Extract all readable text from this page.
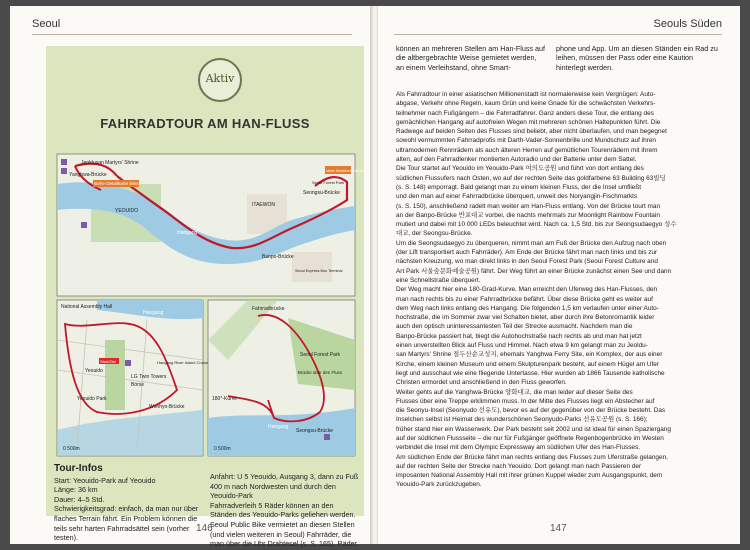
Seoul
Aktiv
FAHRRADTOUR AM HAN-FLUSS
siehe Detailkarte rechts
siehe Detailkarte links
Jeoldusan Martyrs' Shrine
Yanghwa-Brücke
YEOUIDO
ITAEWON
Hangang
Banpo-Brücke
Seongsu-Brücke
Seoul Forest Park
Seoul Express Bus Terminal
Start/Ziel
National Assembly Hall
LG Twin Towers
Börse
Hangang River Island Cruise
Wonhyo-Brücke
Hangang
Yeouido Park
Yeouido
0 500m
Fahrradbrücke
Seoul Forest Park
Brücke über den Fluss
180°-Kurve
Seongsu-Brücke
Hangang
0 500m
Tour-Infos
Start: Yeouido-Park auf Yeouido
Länge: 36 km
Dauer: 4–5 Std.
Schwierigkeitsgrad: einfach, da man nur über flaches Terrain fährt. Ein Problem können die teils sehr harten Fahrradsättel sein (vorher testen).
Anfahrt: U 5 Yeouido, Ausgang 3, dann zu Fuß 400 m nach Nordwesten und durch den Yeouido-Park
Fahrradverleih 5 Räder können an den Ständen des Yeouido-Parks geliehen werden. Seoul Public Bike vermietet an diesen Stellen (und vielen weiteren in Seoul) Fahrräder, die man über die Uhr Drahtesel (s. S. 165). Räder
146
Seouls Süden
können an mehreren Stellen am Han-Fluss auf die altbergebrachte Weise gemietet werden, an einem Verleihstand, ohne Smart-
phone und App. Um an diesen Ständen ein Rad zu leihen, müssen der Pass oder eine Kaution hinterlegt werden.
Als Fahrradtour in einer asiatischen Millionenstadt ist normalerweise kein Vergnügen: Auto-
abgase, Verkehr ohne Regeln, kaum Grün und keine Gnade für die schwächsten Verkehrs-
teilnehmer nach Fußgängern – die Fahrradfahrer. Ganz anders diese Tour, die entlang des
gemächlichen Hangang auf autofreien Wegen mit mehreren schönen Haltepunkten führt. Die
Radwege auf beiden Seiten des Flusses sind beliebt, aber nicht überlaufen, und man begegnet
sowohl vermummten Fahrradprofis mit Darth-Vader-Sonnenbrille und Mundschutz auf ihren
ultramodernen Rennrädern als auch älteren Herren auf gemütlichen Tourenrädern mit ihrem
alten, auf den Fahrradlenker montierten Autoradio und der Batterie unter dem Sattel.
Die Tour startet auf Yeouido im Yeouido-Park 여의도공원 und führt von dort entlang des
südlichen Flussufers nach Osten, wo auf der rechten Seite das goldfarbene 63 Building 63빌딩
(s. S. 148) emporragt. Bald gelangt man zu einem kleinen Fluss, der die Insel umfließt
und den man auf einer Fahrradbrücke überquert, unweit des Noryangjin-Fischmarkts
(s. S. 150), anschließend radelt man weiter am Han-Fluss entlang. Von der Brücke tourt man
an der Banpo-Brücke 반포대교 vorbei, die nachts mehrmals zur Moonlight Rainbow Fountain
mutiert und dabei mit 10 000 LEDs beleuchtet wird. Nach ca. 1,5 Std. bis zur Seongsudaegyo 성수
대교, der Seongsu-Brücke.
Um die Seongsudaegyo zu überqueren, nimmt man am Fuß der Brücke den Aufzug nach oben
(der Lift transportiert auch Fahrräder). Am Ende der Brücke fährt man nach links und bis zur
nächsten Kreuzung, wo man direkt links in den Seoul Forest Park (Seoul Forest Culture and
Art Park 서울숲문화예술공원) fährt. Der Weg führt an einer Brücke zunächst einen See und dann
eine Schnellstraße überquert.
Der Weg macht hier eine 180-Grad-Kurve. Man erreicht den Uferweg des Han-Flusses, den
man nach rechts bis zu einer Fahrradbrücke befährt. Über diese Brücke geht es weiter auf
dem Weg nach links entlang des Hangang. Die folgenden 1,5 km verlaufen unter einer Auto-
hochstraße, die im Sommer zwar viel Schatten bietet, aber durch ihre Betonromantik leider
auch den optisch uninteressantesten Teil der Strecke ausmacht. Nachdem man die
Banpo-Brücke passiert hat, biegt die Autohochstraße nach rechts ab und man hat jetzt
einen unverstellten Blick auf Fluss und Himmel. Nach etwa 9 km gelangt man zu Jeoldu-
san Martyrs' Shrine 절두산순교성지, ehemals Yanghwa Ferry Site, ein Komplex, der aus einer
Kirche, einem kleinen Museum und einem Skulpturenpark besteht, auf einem Hügel am Ufer
liegt und ausschaut wie eine fliegende Untertasse. Hier wurden ab 1866 Tausende katholische
Christen ermordet und anschließend in den Fluss geworfen.
Weiter gehts auf die Yanghwa-Brücke 양화대교, die man leider auf dieser Seite des
Flusses über eine Treppe erklimmen muss. In der Mitte des Flusses liegt ein Abstecher auf
die Seonyu-Insel (Seonyudo 선유도), bevor es auf der gegenüber von der Brücke besteht. Das
Inselchen selbst ist Heimat des wunderschönen Seonyudo-Parks 선유도공원 (s. S. 166);
früher stand hier ein Wasserwerk. Der Park besteht seit 2002 und ist ideal für einen Spaziergang
auf der südlichen Flussseite – die nur für Fußgänger geöffnete Regenbogenbrücke im Westen
verbindet die Insel mit dem Olympic Expressway am südlichen Ufer des Han-Flusses.
Am südlichen Ende der Brücke fährt man rechts entlang des Flusses zum Uferstraße gelangen,
auf der rechten Seite der Strecke nach Yeouido. Dort gelangt man nach Passieren der
imposanten National Assembly Hall mit ihrer grünen Kuppel wieder zum Ausgangspunkt, dem
Yeouido-Park zurückzugeben.
147
